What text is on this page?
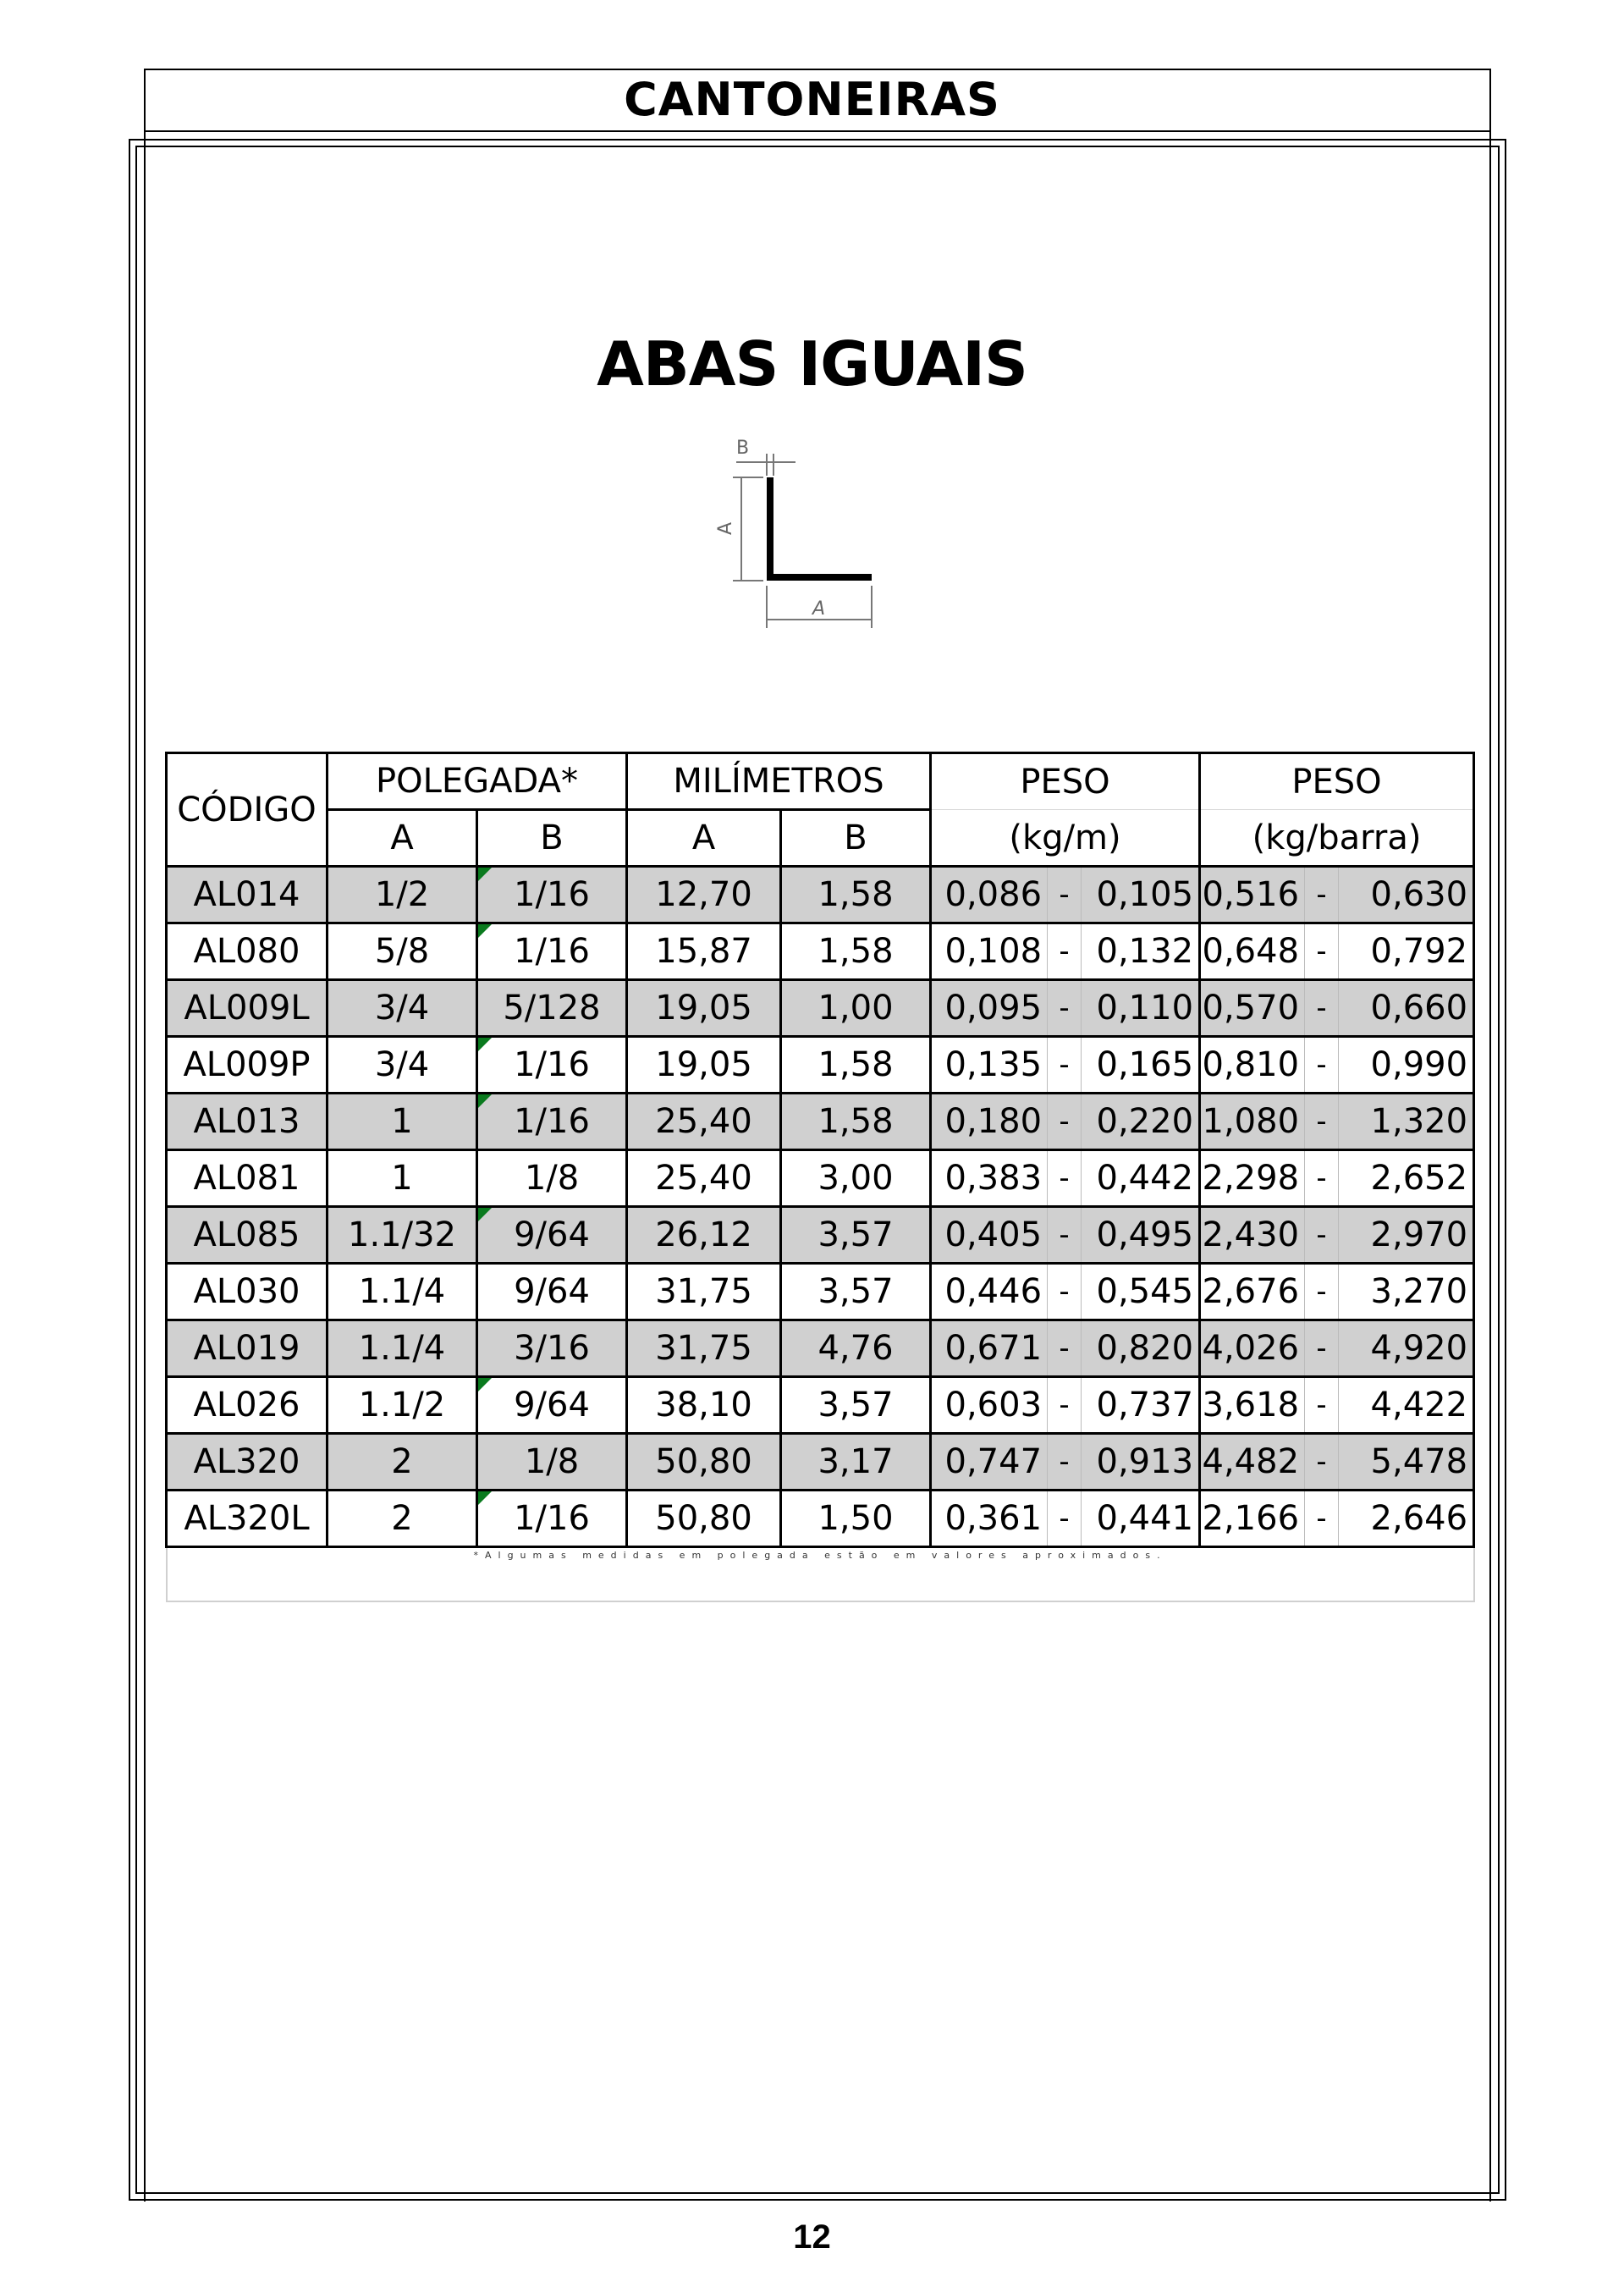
CANTONEIRAS
ABAS IGUAIS
B
A
A
CÓDIGO	POLEGADA*		MILÍMETROS		PESO			PESO		
	A	B	A	B	(kg/m)			(kg/barra)		
AL014	1/2	1/16	12,70	1,58	0,086	-	0,105	0,516	-	0,630
AL080	5/8	1/16	15,87	1,58	0,108	-	0,132	0,648	-	0,792
AL009L	3/4	5/128	19,05	1,00	0,095	-	0,110	0,570	-	0,660
AL009P	3/4	1/16	19,05	1,58	0,135	-	0,165	0,810	-	0,990
AL013	1	1/16	25,40	1,58	0,180	-	0,220	1,080	-	1,320
AL081	1	1/8	25,40	3,00	0,383	-	0,442	2,298	-	2,652
AL085	1.1/32	9/64	26,12	3,57	0,405	-	0,495	2,430	-	2,970
AL030	1.1/4	9/64	31,75	3,57	0,446	-	0,545	2,676	-	3,270
AL019	1.1/4	3/16	31,75	4,76	0,671	-	0,820	4,026	-	4,920
AL026	1.1/2	9/64	38,10	3,57	0,603	-	0,737	3,618	-	4,422
AL320	2	1/8	50,80	3,17	0,747	-	0,913	4,482	-	5,478
AL320L	2	1/16	50,80	1,50	0,361	-	0,441	2,166	-	2,646
*Algumas medidas em polegada estão em valores aproximados.										
12
